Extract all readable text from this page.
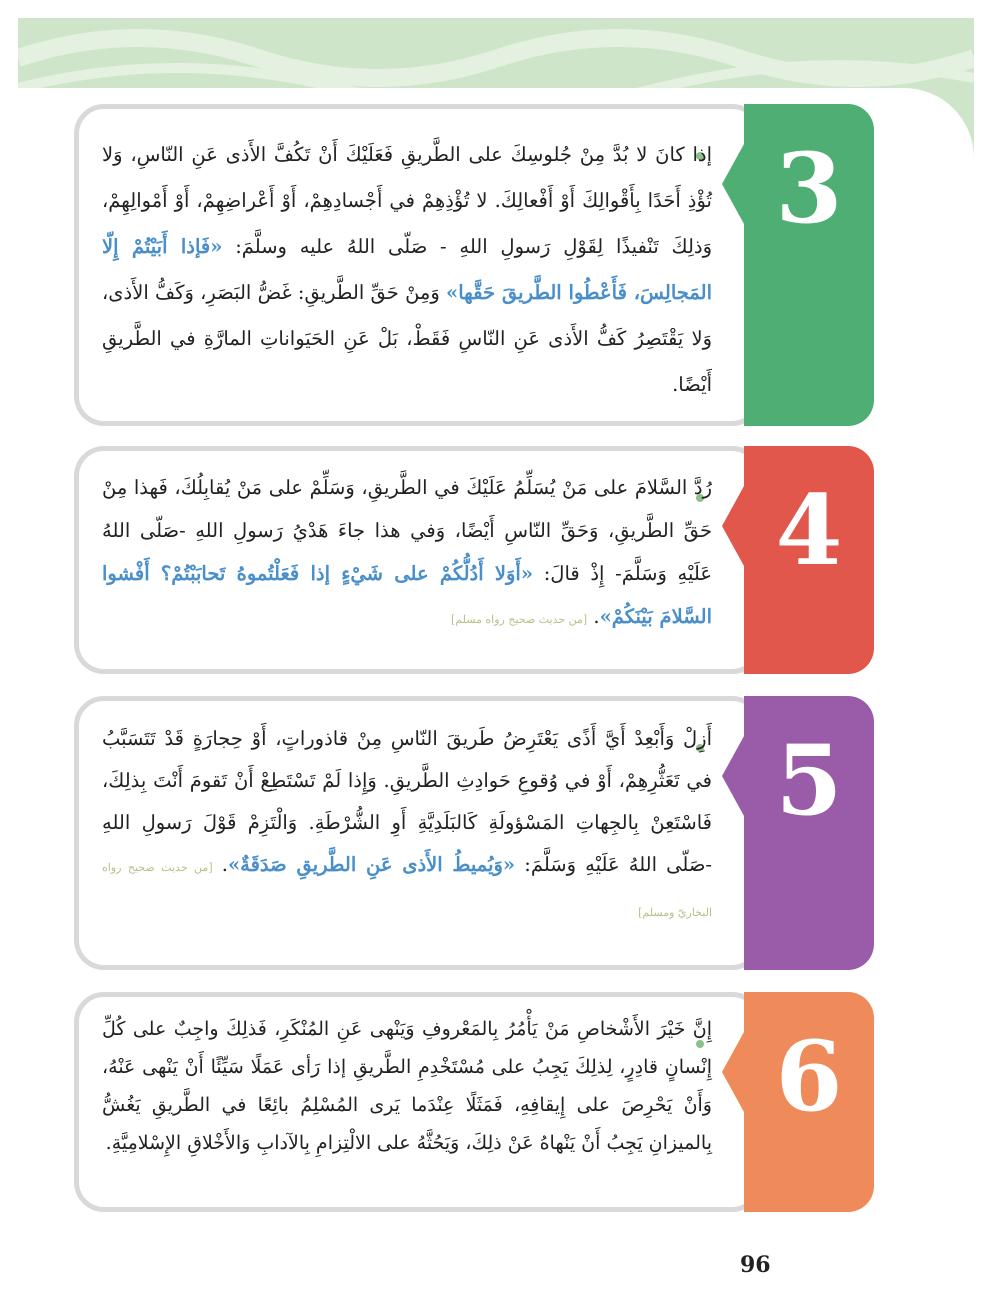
3
إذا كانَ لا بُدَّ مِنْ جُلوسِكَ على الطَّريقِ فَعَلَيْكَ أَنْ تَكُفَّ الأَذى عَنِ النّاسِ، وَلا تُؤْذِ أَحَدًا بِأَقْوالِكَ أَوْ أَفْعالِكَ. لا تُؤْذِهِمْ في أَجْسادِهِمْ، أَوْ أَعْراضِهِمْ، أَوْ أَمْوالِهِمْ، وَذلِكَ تَنْفيذًا لِقَوْلِ رَسولِ اللهِ - صَلّى اللهُ عليه وسلَّمَ: «فَإذا أَبَيْتُمْ إِلّا المَجالِسَ، فَأَعْطُوا الطَّريقَ حَقَّها» وَمِنْ حَقِّ الطَّريقِ: غَضُّ البَصَرِ، وَكَفُّ الأَذى، وَلا يَقْتَصِرُ كَفُّ الأَذى عَنِ النّاسِ فَقَطْ، بَلْ عَنِ الحَيَواناتِ المارَّةِ في الطَّريقِ أَيْضًا.
4
رُدَّ السَّلامَ على مَنْ يُسَلِّمُ عَلَيْكَ في الطَّريقِ، وَسَلِّمْ على مَنْ يُقابِلُكَ، فَهذا مِنْ حَقِّ الطَّريقِ، وَحَقِّ النّاسِ أَيْضًا، وَفي هذا جاءَ هَدْيُ رَسولِ اللهِ -صَلّى اللهُ عَلَيْهِ وَسَلَّمَ- إِذْ قالَ: «أَوَلا أَدُلُّكُمْ على شَيْءٍ إذا فَعَلْتُموهُ تَحابَبْتُمْ؟ أَفْشوا السَّلامَ بَيْنَكُمْ». [من حديث صحيح رواه مسلم]
5
أَزِلْ وَأَبْعِدْ أَيَّ أَذًى يَعْتَرِضُ طَريقَ النّاسِ مِنْ قاذوراتٍ، أَوْ حِجارَةٍ قَدْ تَتَسَبَّبُ في تَعَثُّرِهِمْ، أَوْ في وُقوعِ حَوادِثِ الطَّريقِ. وَإِذا لَمْ تَسْتَطِعْ أَنْ تَقومَ أَنْتَ بِذلِكَ، فَاسْتَعِنْ بِالجِهاتِ المَسْؤولَةِ كَالبَلَدِيَّةِ أَوِ الشُّرْطَةِ. وَالْتَزِمْ قَوْلَ رَسولِ اللهِ -صَلّى اللهُ عَلَيْهِ وَسَلَّمَ: «وَيُميطُ الأَذى عَنِ الطَّريقِ صَدَقَةٌ». [من حديث صحيح رواه البخاريّ ومسلم]
6
إِنَّ خَيْرَ الأَشْخاصِ مَنْ يَأْمُرُ بِالمَعْروفِ وَيَنْهى عَنِ المُنْكَرِ، فَذلِكَ واجِبٌ على كُلِّ إِنْسانٍ قادِرٍ، لِذلِكَ يَجِبُ على مُسْتَخْدِمِ الطَّريقِ إذا رَأى عَمَلًا سَيِّئًا أَنْ يَنْهى عَنْهُ، وَأَنْ يَحْرِصَ على إِيقافِهِ، فَمَثَلًا عِنْدَما يَرى المُسْلِمُ بائِعًا في الطَّريقِ يَغُشُّ بِالميزانِ يَجِبُ أَنْ يَنْهاهُ عَنْ ذلِكَ، وَيَحُثَّهُ على الالْتِزامِ بِالآدابِ وَالأَخْلاقِ الإِسْلامِيَّةِ.
96
